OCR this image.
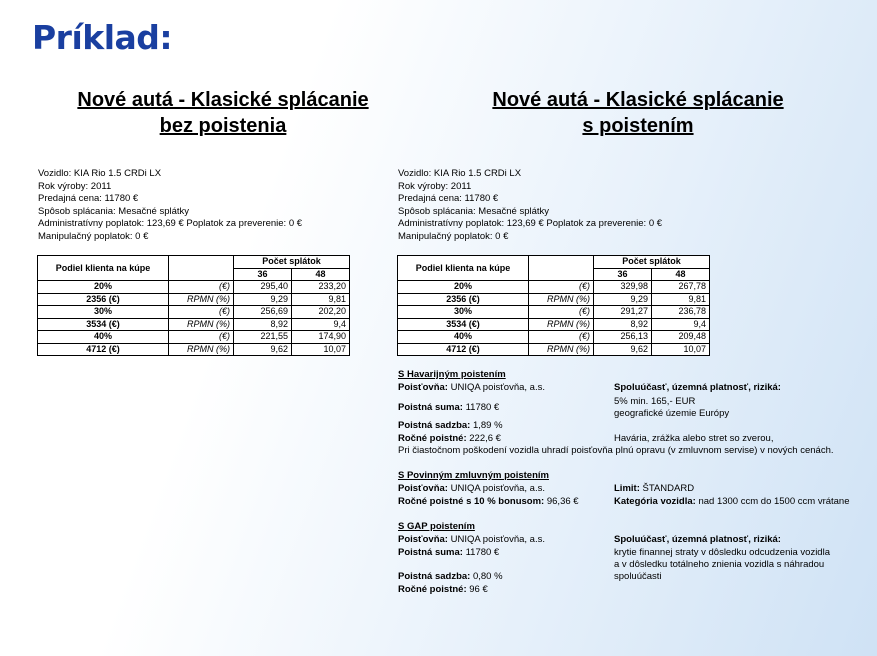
Príklad:
Nové autá - Klasické splácanie
bez poistenia
Vozidlo: KIA Rio 1.5 CRDi LX
Rok výroby: 2011
Predajná cena: 11780 €
Spôsob splácania: Mesačné splátky
Administratívny poplatok: 123,69 € Poplatok za preverenie: 0 €
Manipulačný poplatok: 0 €
Podiel klienta na kúpe		Počet splátok	
		36	48
20%	(€)	295,40	233,20
2356 (€)	RPMN (%)	9,29	9,81
30%	(€)	256,69	202,20
3534 (€)	RPMN (%)	8,92	9,4
40%	(€)	221,55	174,90
4712 (€)	RPMN (%)	9,62	10,07
Nové autá - Klasické splácanie
s poistením
Vozidlo: KIA Rio 1.5 CRDi LX
Rok výroby: 2011
Predajná cena: 11780 €
Spôsob splácania: Mesačné splátky
Administratívny poplatok: 123,69 € Poplatok za preverenie: 0 €
Manipulačný poplatok: 0 €
Podiel klienta na kúpe		Počet splátok	
		36	48
20%	(€)	329,98	267,78
2356 (€)	RPMN (%)	9,29	9,81
30%	(€)	291,27	236,78
3534 (€)	RPMN (%)	8,92	9,4
40%	(€)	256,13	209,48
4712 (€)	RPMN (%)	9,62	10,07
S Havarijným poistením
Poisťovňa: UNIQA poisťovňa, a.s.
Poistná suma: 11780 €
Poistná sadzba: 1,89 %
Ročné poistné: 222,6 €
Spoluúčasť, územná platnosť, riziká:
5% min. 165,- EUR
geografické územie Európy
Havária, zrážka alebo stret so zverou,
Pri čiastočnom poškodení vozidla uhradí poisťovňa plnú opravu (v zmluvnom servise) v nových cenách.
S Povinným zmluvným poistením
Poisťovňa: UNIQA poisťovňa, a.s.
Ročné poistné s 10 % bonusom: 96,36 €
Limit: ŠTANDARD
Kategória vozidla: nad 1300 ccm do 1500 ccm vrátane
S GAP poistením
Poisťovňa: UNIQA poisťovňa, a.s.
Poistná suma: 11780 €
Poistná sadzba: 0,80 %
Ročné poistné: 96 €
Spoluúčasť, územná platnosť, riziká:
krytie finannej straty v dôsledku odcudzenia vozidla
a v dôsledku totálneho znienia vozidla s náhradou
spoluúčasti
